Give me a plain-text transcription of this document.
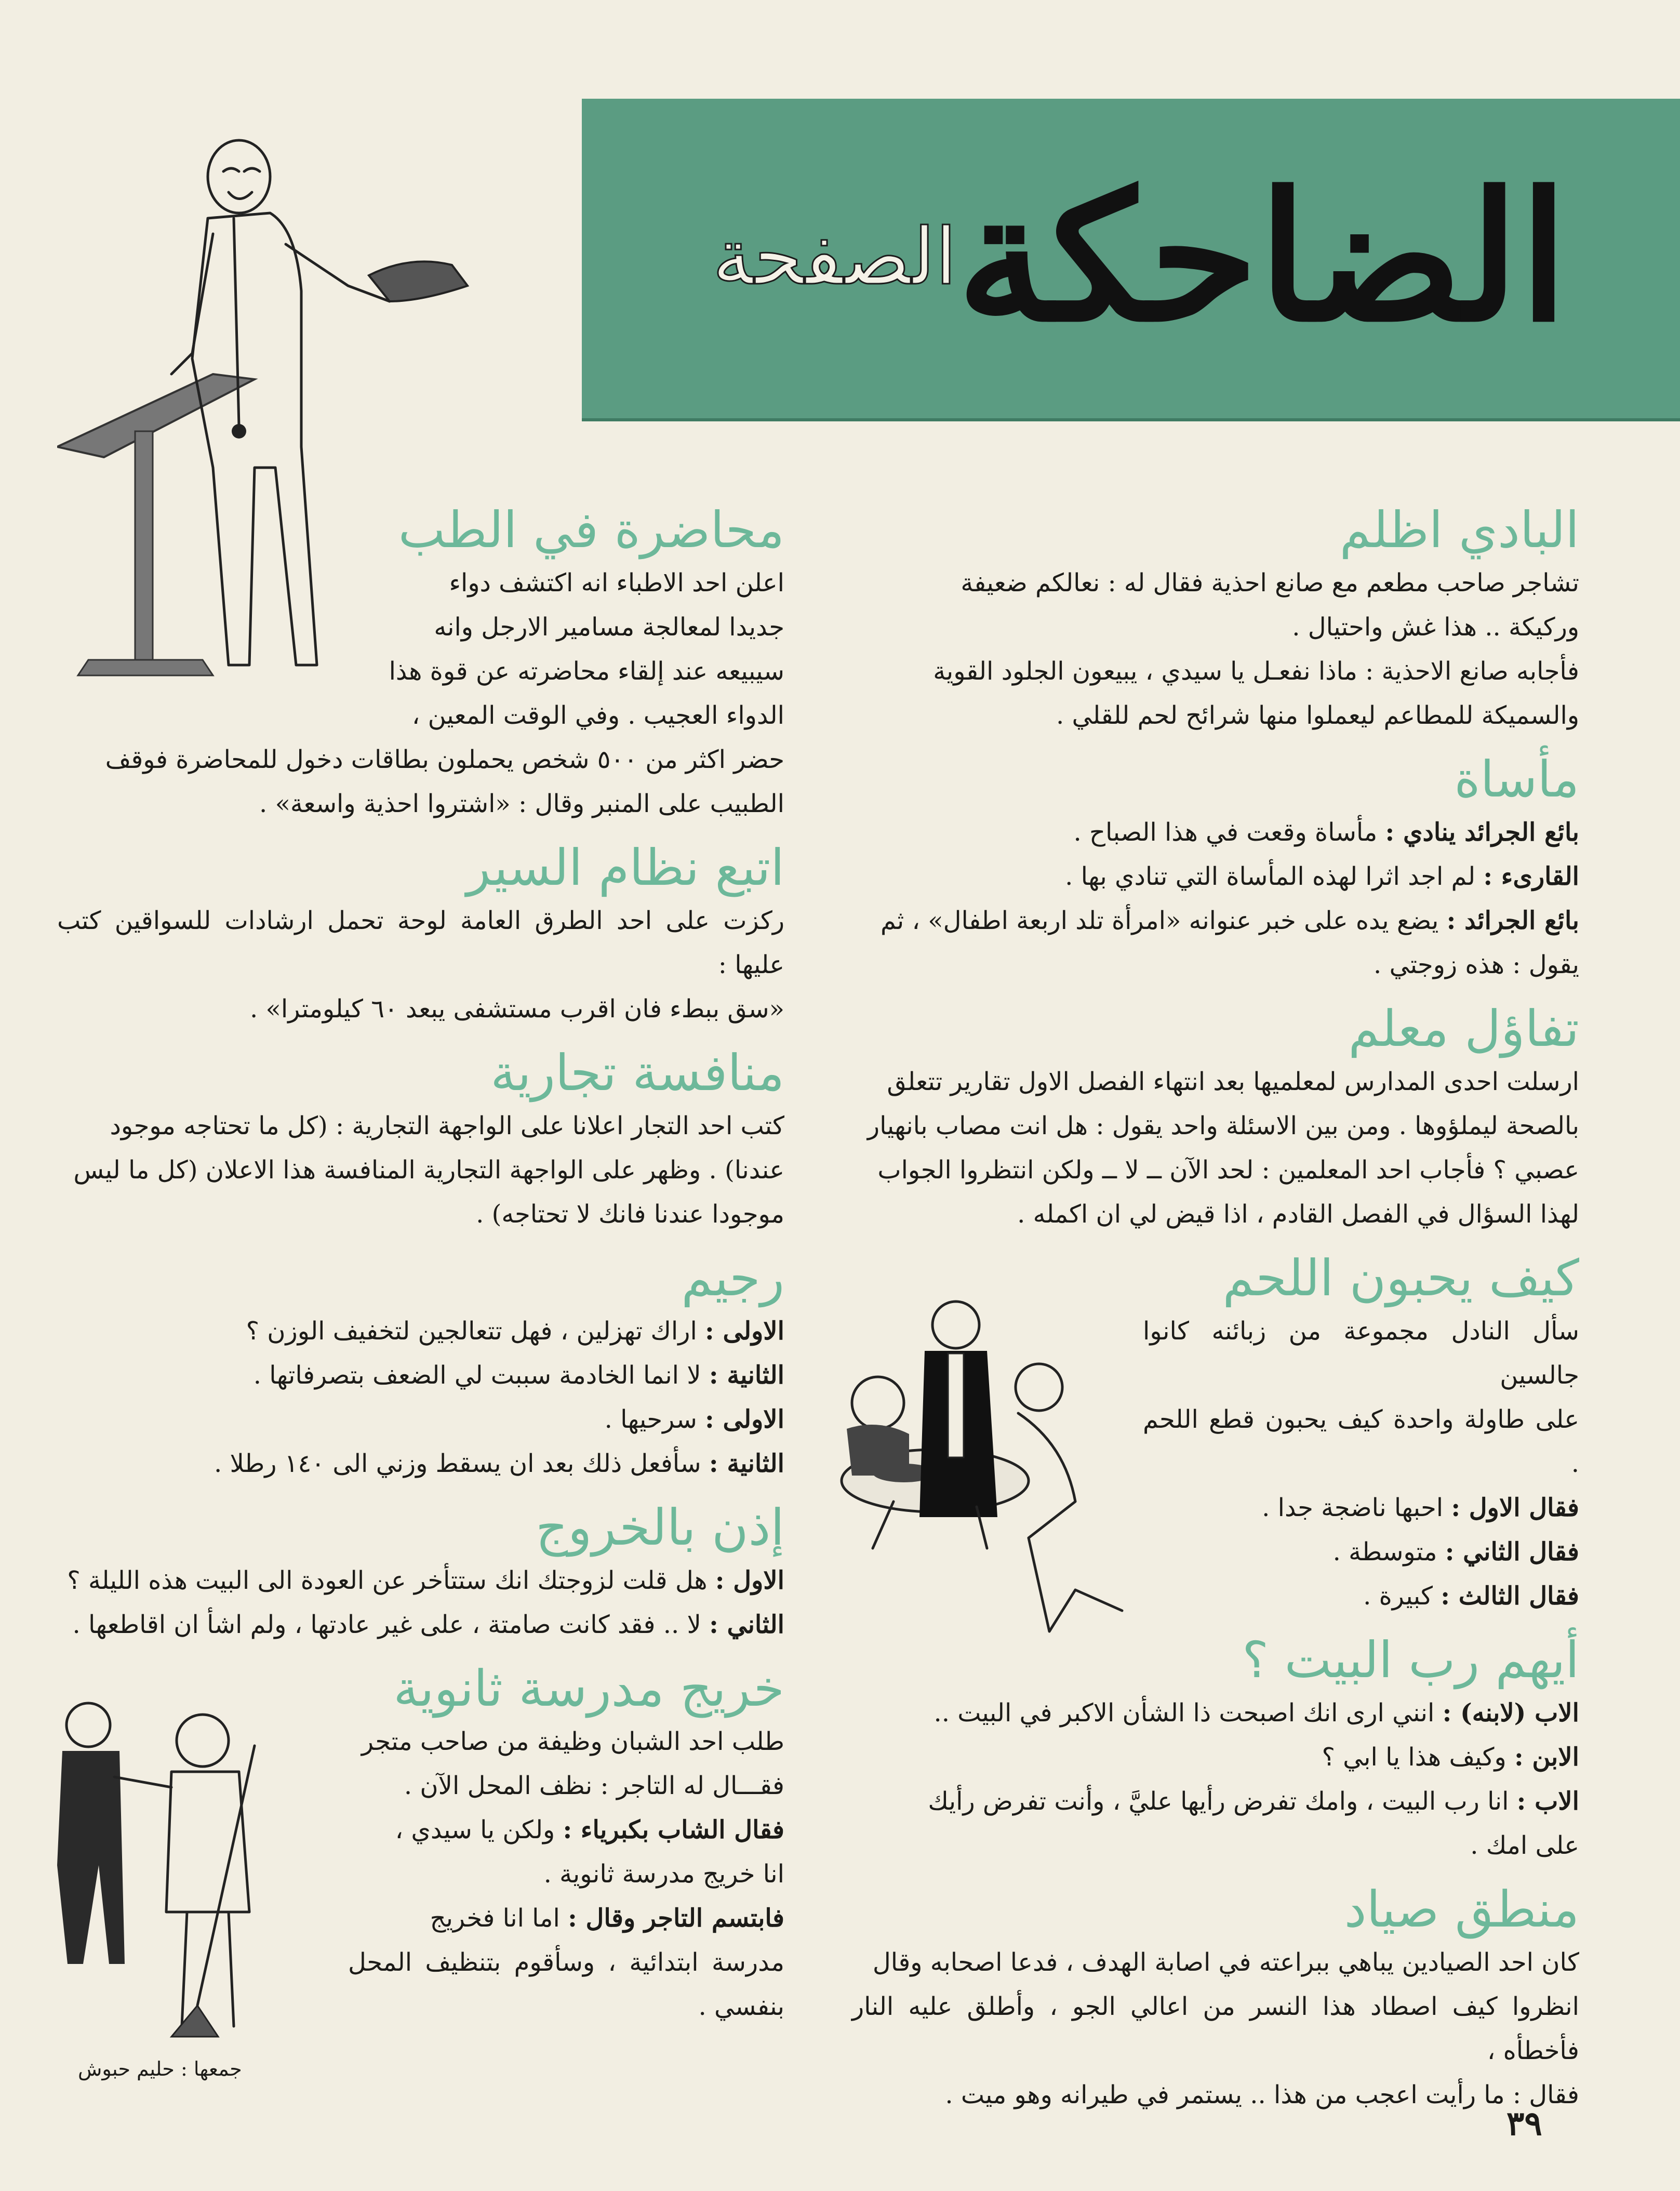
الضاحكة
الصفحة
البادي اظلم

تشاجر صاحب مطعم مع صانع احذية فقال له : نعالكم ضعيفة
وركيكة .. هذا غش واحتيال .
فأجابه صانع الاحذية : ماذا نفعـل يا سيدي ، يبيعون الجلود القوية
والسميكة للمطاعم ليعملوا منها شرائح لحم للقلي .

مأساة

بائع الجرائد ينادي : مأساة وقعت في هذا الصباح .
القارىء : لم اجد اثرا لهذه المأساة التي تنادي بها .
بائع الجرائد : يضع يده على خبر عنوانه «امرأة تلد اربعة اطفال» ، ثم
يقول : هذه زوجتي .

تفاؤل معلم

ارسلت احدى المدارس لمعلميها بعد انتهاء الفصل الاول تقارير تتعلق
بالصحة ليملؤوها . ومن بين الاسئلة واحد يقول : هل انت مصاب بانهيار
عصبي ؟ فأجاب احد المعلمين : لحد الآن ــ لا ــ ولكن انتظروا الجواب
لهذا السؤال في الفصل القادم ، اذا قيض لي ان اكمله .

كيف يحبون اللحم

سأل النادل مجموعة من زبائنه كانوا جالسين
على طاولة واحدة كيف يحبون قطع اللحم .
فقال الاول : احبها ناضجة جدا .
فقال الثاني : متوسطة .
فقال الثالث : كبيرة .

أيهم رب البيت ؟

الاب (لابنه) : انني ارى انك اصبحت ذا الشأن الاكبر في البيت ..
الابن : وكيف هذا يا ابي ؟
الاب : انا رب البيت ، وامك تفرض رأيها عليَّ ، وأنت تفرض رأيك
على امك .

منطق صياد

كان احد الصيادين يباهي ببراعته في اصابة الهدف ، فدعا اصحابه وقال
انظروا كيف اصطاد هذا النسر من اعالي الجو ، وأطلق عليه النار فأخطأه ،
فقال : ما رأيت اعجب من هذا .. يستمر في طيرانه وهو ميت .

محاضرة في الطب

اعلن احد الاطباء انه اكتشف دواء
جديدا لمعالجة مسامير الارجل وانه
سيبيعه عند إلقاء محاضرته عن قوة هذا
الدواء العجيب . وفي الوقت المعين ،

حضر اكثر من ٥٠٠ شخص يحملون بطاقات دخول للمحاضرة فوقف
الطبيب على المنبر وقال : «اشتروا احذية واسعة» .

اتبع نظام السير

ركزت على احد الطرق العامة لوحة تحمل ارشادات للسواقين كتب عليها :
«سق ببطء فان اقرب مستشفى يبعد ٦٠ كيلومترا» .

منافسة تجارية

كتب احد التجار اعلانا على الواجهة التجارية : (كل ما تحتاجه موجود
عندنا) . وظهر على الواجهة التجارية المنافسة هذا الاعلان (كل ما ليس
موجودا عندنا فانك لا تحتاجه) .

رجيم

الاولى : اراك تهزلين ، فهل تتعالجين لتخفيف الوزن ؟
الثانية : لا انما الخادمة سببت لي الضعف بتصرفاتها .
الاولى : سرحيها .
الثانية : سأفعل ذلك بعد ان يسقط وزني الى ١٤٠ رطلا .

إذن بالخروج

الاول : هل قلت لزوجتك انك ستتأخر عن العودة الى البيت هذه الليلة ؟
الثاني : لا .. فقد كانت صامتة ، على غير عادتها ، ولم اشأ ان اقاطعها .

خريج مدرسة ثانوية

طلب احد الشبان وظيفة من صاحب متجر
فقـــال له التاجر : نظف المحل الآن .
فقال الشاب بكبرياء : ولكن يا سيدي ،
انا خريج مدرسة ثانوية .
فابتسم التاجر وقال : اما انا فخريج
مدرسة ابتدائية ، وسأقوم بتنظيف المحل بنفسي .

جمعها : حليم حبوش
٣٩
